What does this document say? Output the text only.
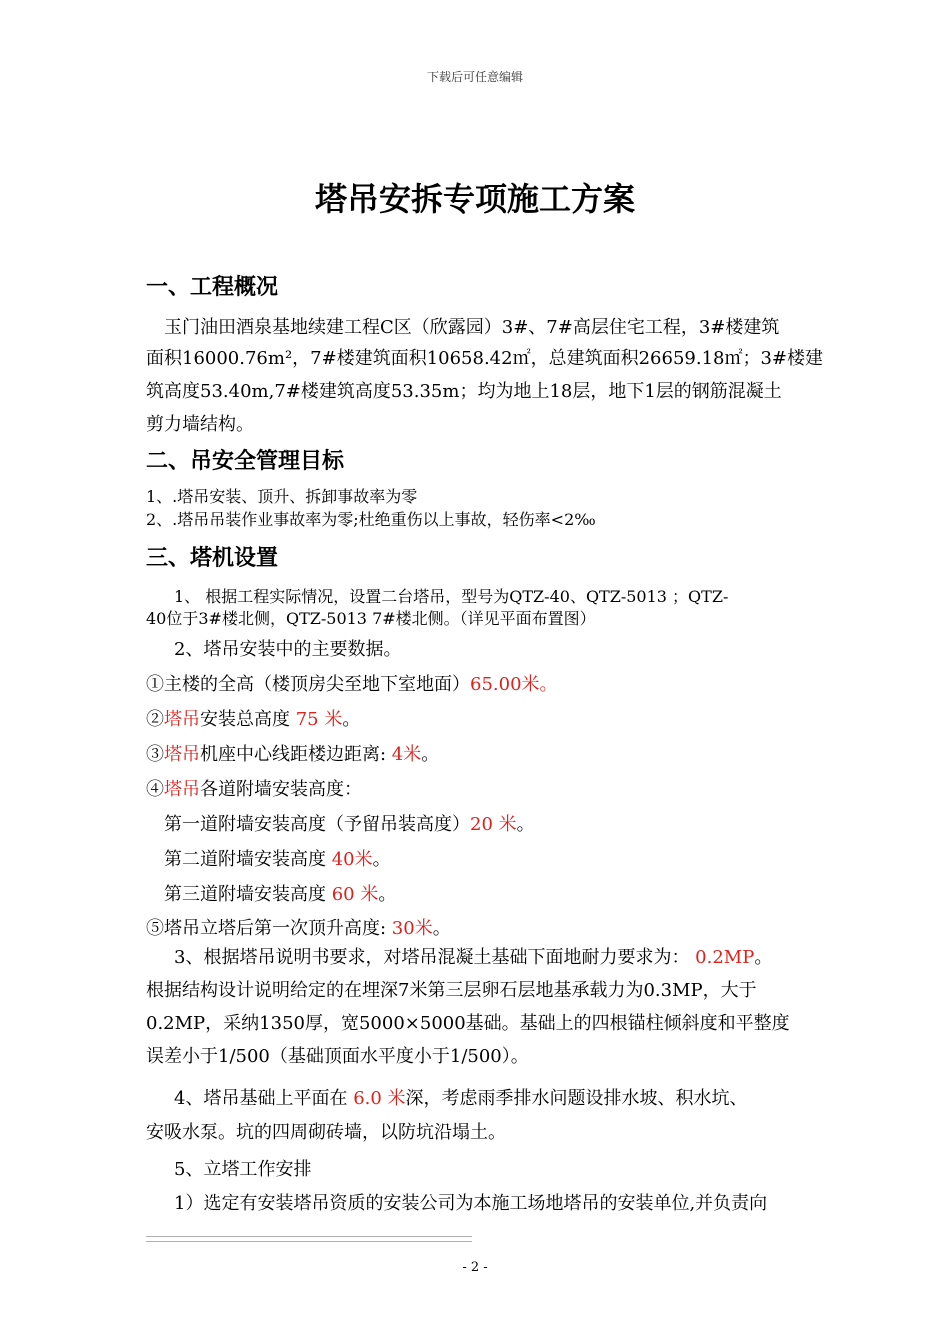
下载后可任意编辑
塔吊安拆专项施工方案
一、工程概况
玉门油田酒泉基地续建工程C区（欣露园）3#、7#高层住宅工程，3#楼建筑
面积16000.76m²，7#楼建筑面积10658.42㎡，总建筑面积26659.18㎡；3#楼建
筑高度53.40m,7#楼建筑高度53.35m；均为地上18层，地下1层的钢筋混凝土
剪力墙结构。
二、吊安全管理目标
1、.塔吊安装、顶升、拆卸事故率为零
2、.塔吊吊装作业事故率为零;杜绝重伤以上事故，轻伤率<2‰
三、塔机设置
1、 根据工程实际情况，设置二台塔吊，型号为QTZ-40、QTZ-5013 ；QTZ-
40位于3#楼北侧，QTZ-5013 7#楼北侧。（详见平面布置图）
2、塔吊安装中的主要数据。
①主楼的全高（楼顶房尖至地下室地面）65.00米。
②塔吊安装总高度 75 米。
③塔吊机座中心线距楼边距离: 4米。
④塔吊各道附墙安装高度：
第一道附墙安装高度（予留吊装高度）20 米。
第二道附墙安装高度 40米。
第三道附墙安装高度 60 米。
⑤塔吊立塔后第一次顶升高度: 30米。
3、根据塔吊说明书要求，对塔吊混凝土基础下面地耐力要求为： 0.2MP。
根据结构设计说明给定的在埋深7米第三层卵石层地基承载力为0.3MP，大于
0.2MP，采纳1350厚，宽5000×5000基础。基础上的四根锚柱倾斜度和平整度
误差小于1/500（基础顶面水平度小于1/500）。
4、塔吊基础上平面在 6.0 米深，考虑雨季排水问题设排水坡、积水坑、
安吸水泵。坑的四周砌砖墙，以防坑沿塌土。
5、立塔工作安排
1）选定有安装塔吊资质的安装公司为本施工场地塔吊的安装单位,并负责向
- 2 -
